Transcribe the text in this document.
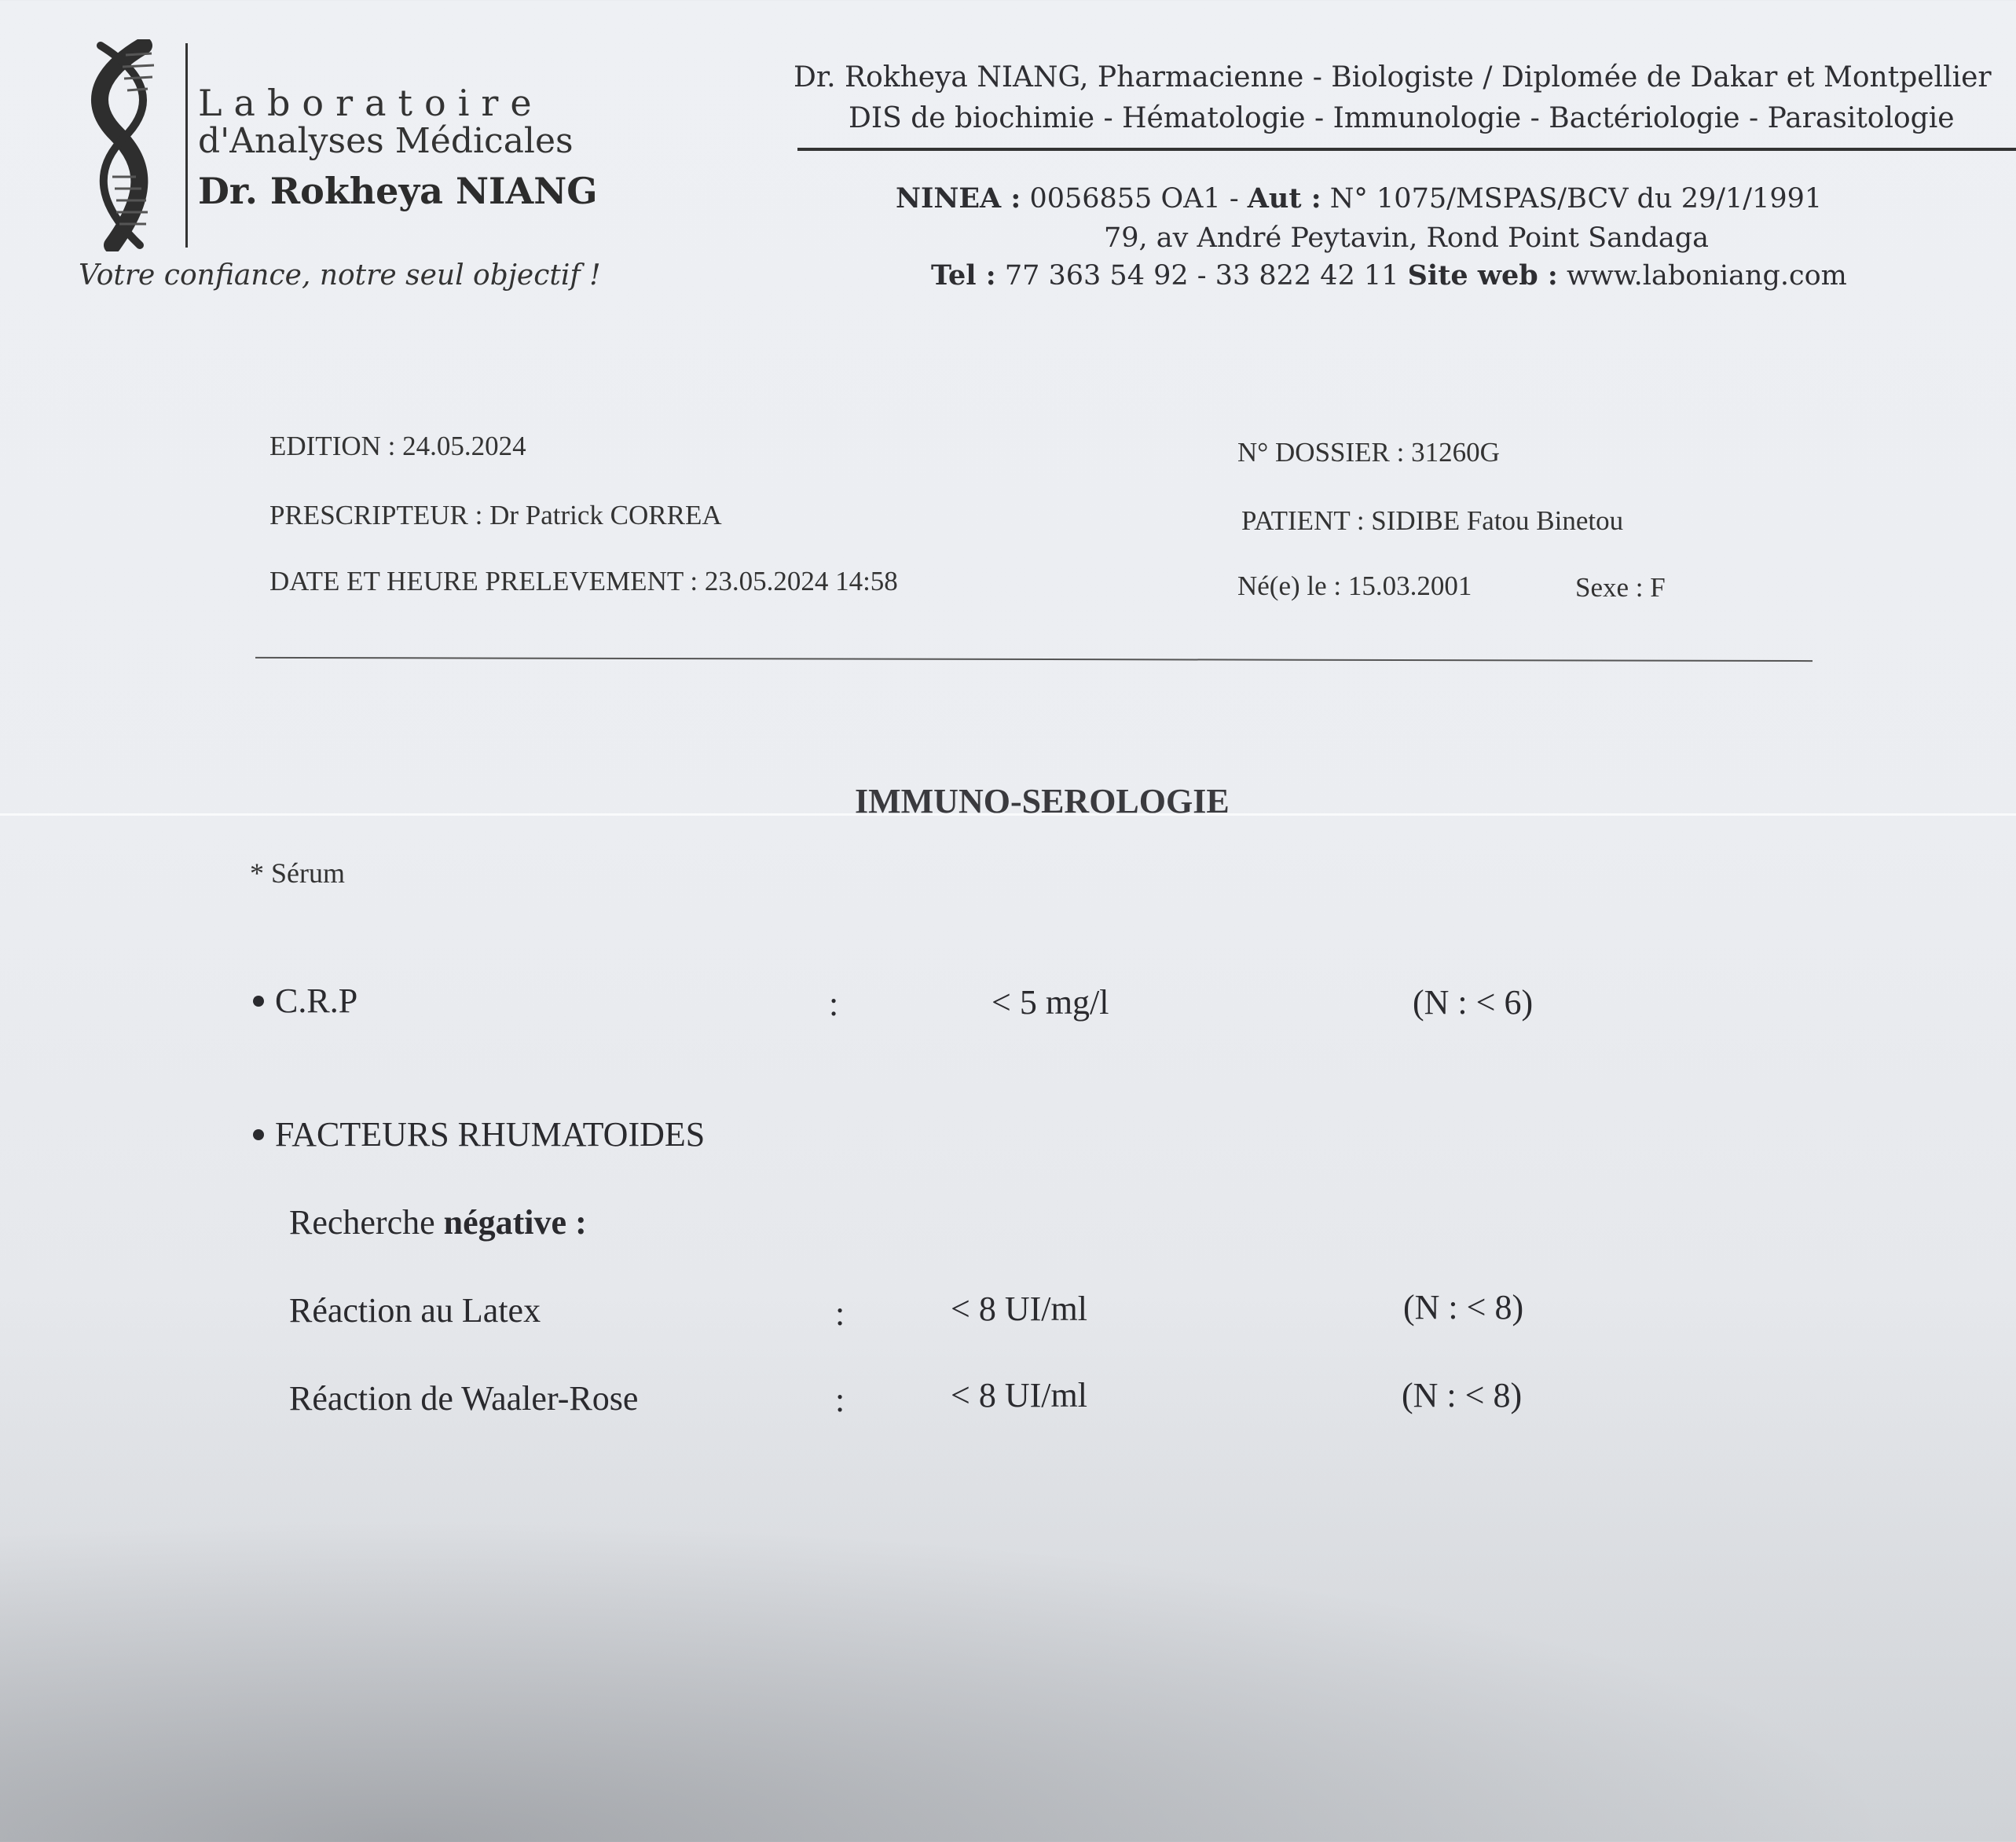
Laboratoire
d'Analyses Médicales
Dr. Rokheya NIANG
Votre confiance, notre seul objectif !
Dr. Rokheya NIANG, Pharmacienne - Biologiste / Diplomée de Dakar et Montpellier
DIS de biochimie - Hématologie - Immunologie - Bactériologie - Parasitologie
NINEA : 0056855 OA1 - Aut : N° 1075/MSPAS/BCV du 29/1/1991
79, av André Peytavin, Rond Point Sandaga
Tel : 77 363 54 92 - 33 822 42 11 Site web : www.laboniang.com
EDITION : 24.05.2024
PRESCRIPTEUR : Dr Patrick CORREA
DATE ET HEURE PRELEVEMENT : 23.05.2024 14:58
N° DOSSIER : 31260G
PATIENT : SIDIBE Fatou Binetou
Né(e) le : 15.03.2001	Sexe : F
IMMUNO-SEROLOGIE
* Sérum
C.R.P	:	< 5 mg/l	(N : < 6)
FACTEURS RHUMATOIDES
Recherche négative :
Réaction au Latex	:	< 8 UI/ml	(N : < 8)
Réaction de Waaler-Rose	:	< 8 UI/ml	(N : < 8)
